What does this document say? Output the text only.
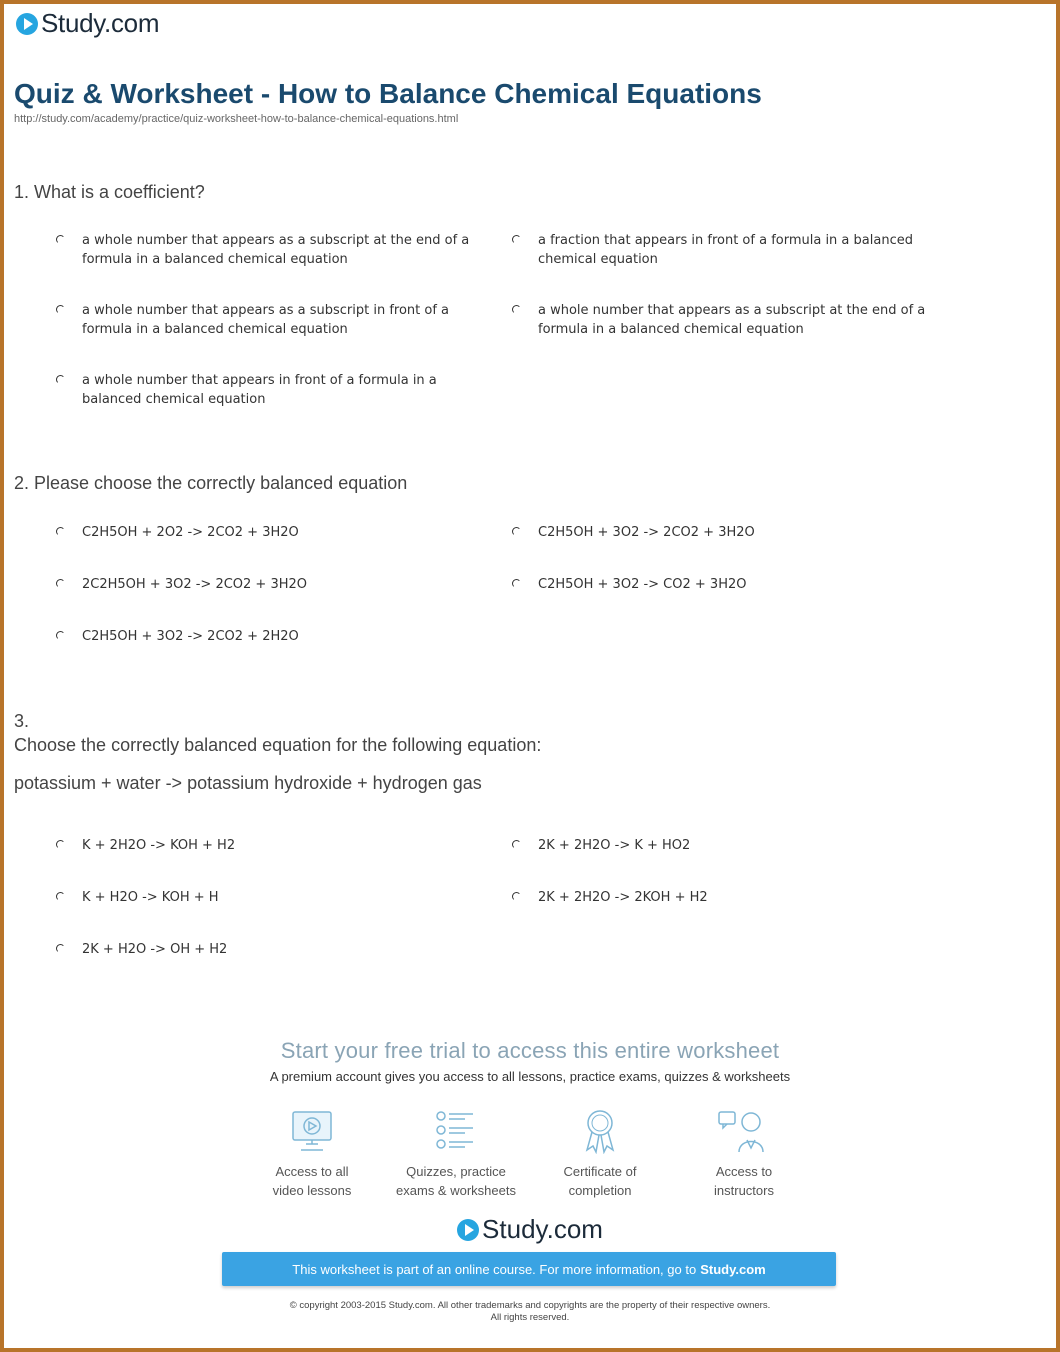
Study.com
Quiz & Worksheet - How to Balance Chemical Equations
http://study.com/academy/practice/quiz-worksheet-how-to-balance-chemical-equations.html
1. What is a coefficient?
a whole number that appears as a subscript at the end of a formula in a balanced chemical equation
a fraction that appears in front of a formula in a balanced chemical equation
a whole number that appears as a subscript in front of a formula in a balanced chemical equation
a whole number that appears as a subscript at the end of a formula in a balanced chemical equation
a whole number that appears in front of a formula in a balanced chemical equation
2. Please choose the correctly balanced equation
C2H5OH + 2O2 -> 2CO2 + 3H2O	C2H5OH + 3O2 -> 2CO2 + 3H2O
2C2H5OH + 3O2 -> 2CO2 + 3H2O	C2H5OH + 3O2 -> CO2 + 3H2O
C2H5OH + 3O2 -> 2CO2 + 2H2O
3.
Choose the correctly balanced equation for the following equation:
potassium + water -> potassium hydroxide + hydrogen gas
K + 2H2O -> KOH + H2	2K + 2H2O -> K + HO2
K + H2O -> KOH + H	2K + 2H2O -> 2KOH + H2
2K + H2O -> OH + H2
Start your free trial to access this entire worksheet
A premium account gives you access to all lessons, practice exams, quizzes & worksheets
Access to all
video lessons
Quizzes, practice
exams & worksheets
Certificate of
completion
Access to
instructors
Study.com
This worksheet is part of an online course. For more information, go to Study.com
© copyright 2003-2015 Study.com. All other trademarks and copyrights are the property of their respective owners.
All rights reserved.
